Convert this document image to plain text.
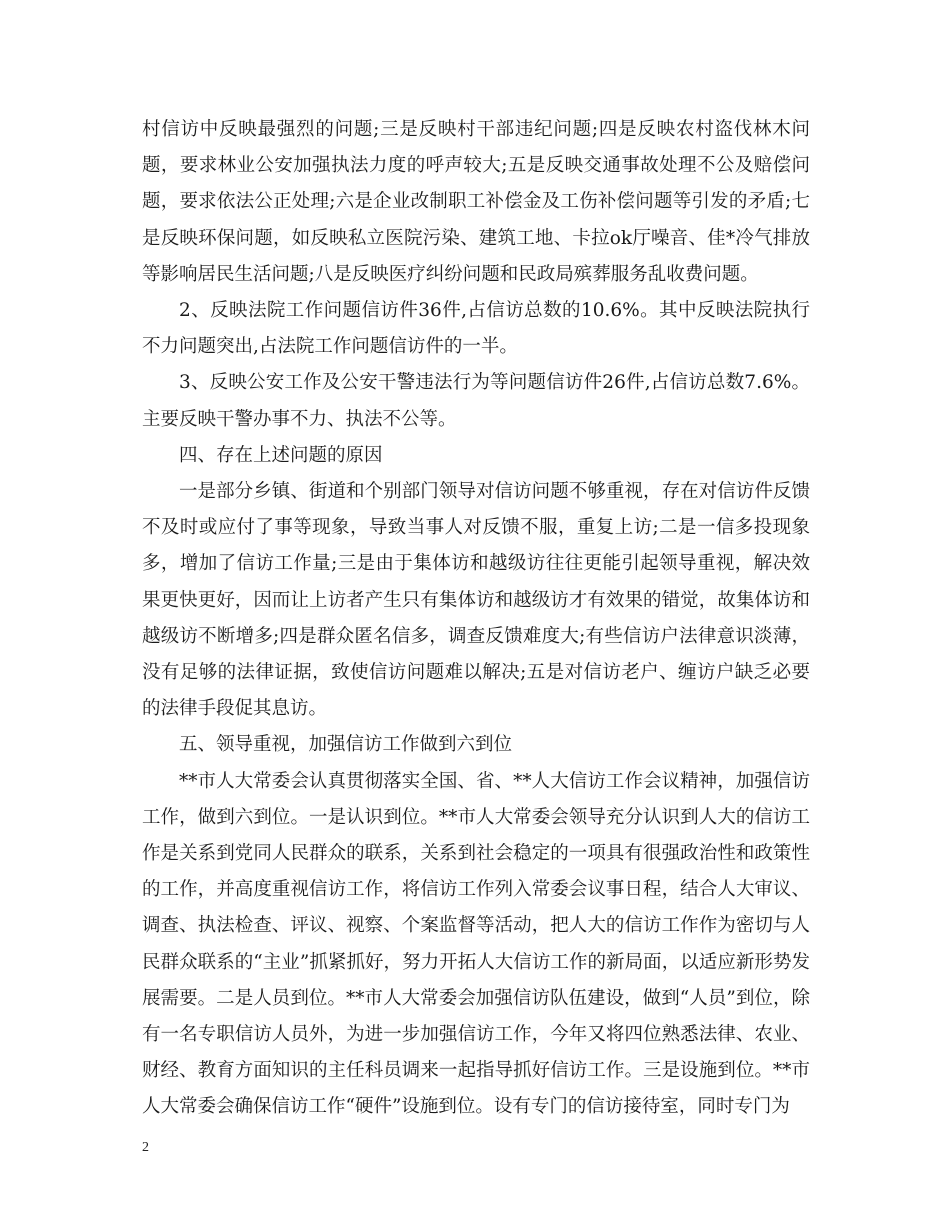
村信访中反映最强烈的问题;三是反映村干部违纪问题;四是反映农村盗伐林木问题，要求林业公安加强执法力度的呼声较大;五是反映交通事故处理不公及赔偿问题，要求依法公正处理;六是企业改制职工补偿金及工伤补偿问题等引发的矛盾;七是反映环保问题，如反映私立医院污染、建筑工地、卡拉ok厅噪音、佳*冷气排放等影响居民生活问题;八是反映医疗纠纷问题和民政局殡葬服务乱收费问题。

2、反映法院工作问题信访件36件,占信访总数的10.6%。其中反映法院执行不力问题突出,占法院工作问题信访件的一半。

3、反映公安工作及公安干警违法行为等问题信访件26件,占信访总数7.6%。主要反映干警办事不力、执法不公等。

四、存在上述问题的原因

一是部分乡镇、街道和个别部门领导对信访问题不够重视，存在对信访件反馈不及时或应付了事等现象，导致当事人对反馈不服，重复上访;二是一信多投现象多，增加了信访工作量;三是由于集体访和越级访往往更能引起领导重视，解决效果更快更好，因而让上访者产生只有集体访和越级访才有效果的错觉，故集体访和越级访不断增多;四是群众匿名信多，调查反馈难度大;有些信访户法律意识淡薄，没有足够的法律证据，致使信访问题难以解决;五是对信访老户、缠访户缺乏必要的法律手段促其息访。

五、领导重视，加强信访工作做到六到位

**市人大常委会认真贯彻落实全国、省、**人大信访工作会议精神，加强信访工作，做到六到位。一是认识到位。**市人大常委会领导充分认识到人大的信访工作是关系到党同人民群众的联系，关系到社会稳定的一项具有很强政治性和政策性的工作，并高度重视信访工作，将信访工作列入常委会议事日程，结合人大审议、调查、执法检查、评议、视察、个案监督等活动，把人大的信访工作作为密切与人民群众联系的“主业”抓紧抓好，努力开拓人大信访工作的新局面，以适应新形势发展需要。二是人员到位。**市人大常委会加强信访队伍建设，做到“人员”到位，除有一名专职信访人员外，为进一步加强信访工作，今年又将四位熟悉法律、农业、财经、教育方面知识的主任科员调来一起指导抓好信访工作。三是设施到位。**市人大常委会确保信访工作“硬件”设施到位。设有专门的信访接待室，同时专门为

2
